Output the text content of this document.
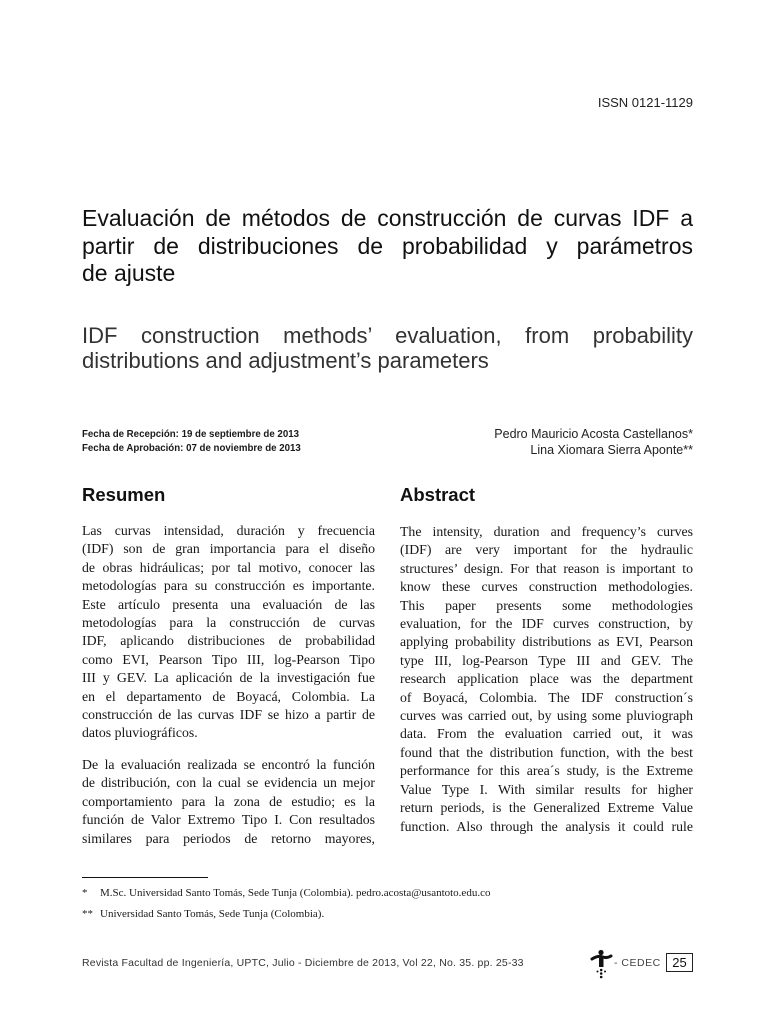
ISSN 0121-1129
Evaluación de métodos de construcción de curvas IDF a
partir de distribuciones de probabilidad y parámetros
de ajuste
IDF construction methods’ evaluation, from probability
distributions and adjustment’s parameters
Fecha de Recepción: 19 de septiembre de 2013
Fecha de Aprobación: 07 de noviembre de 2013
Pedro Mauricio Acosta Castellanos*
Lina Xiomara Sierra Aponte**
Resumen	Abstract
Las curvas intensidad, duración y frecuencia
(IDF) son de gran importancia para el diseño
de obras hidráulicas; por tal motivo, conocer las
metodologías para su construcción es importante.
Este artículo presenta una evaluación de las
metodologías para la construcción de curvas
IDF, aplicando distribuciones de probabilidad
como EVI, Pearson Tipo III, log-Pearson Tipo
III y GEV. La aplicación de la investigación fue
en el departamento de Boyacá, Colombia. La
construcción de las curvas IDF se hizo a partir de
datos pluviográficos.
De la evaluación realizada se encontró la función
de distribución, con la cual se evidencia un mejor
comportamiento para la zona de estudio; es la
función de Valor Extremo Tipo I. Con resultados
similares para periodos de retorno mayores,
The intensity, duration and frequency’s curves
(IDF) are very important for the hydraulic
structures’ design. For that reason is important to
know these curves construction methodologies.
This paper presents some methodologies
evaluation, for the IDF curves construction, by
applying probability distributions as EVI, Pearson
type III, log-Pearson Type III and GEV. The
research application place was the department
of Boyacá, Colombia. The IDF construction´s
curves was carried out, by using some pluviograph
data. From the evaluation carried out, it was
found that the distribution function, with the best
performance for this area´s study, is the Extreme
Value Type I. With similar results for higher
return periods, is the Generalized Extreme Value
function. Also through the analysis it could rule
* M.Sc. Universidad Santo Tomás, Sede Tunja (Colombia). pedro.acosta@usantoto.edu.co
** Universidad Santo Tomás, Sede Tunja (Colombia).
Revista Facultad de Ingeniería, UPTC, Julio - Diciembre de 2013, Vol 22, No. 35. pp. 25-33	- CEDEC 25
